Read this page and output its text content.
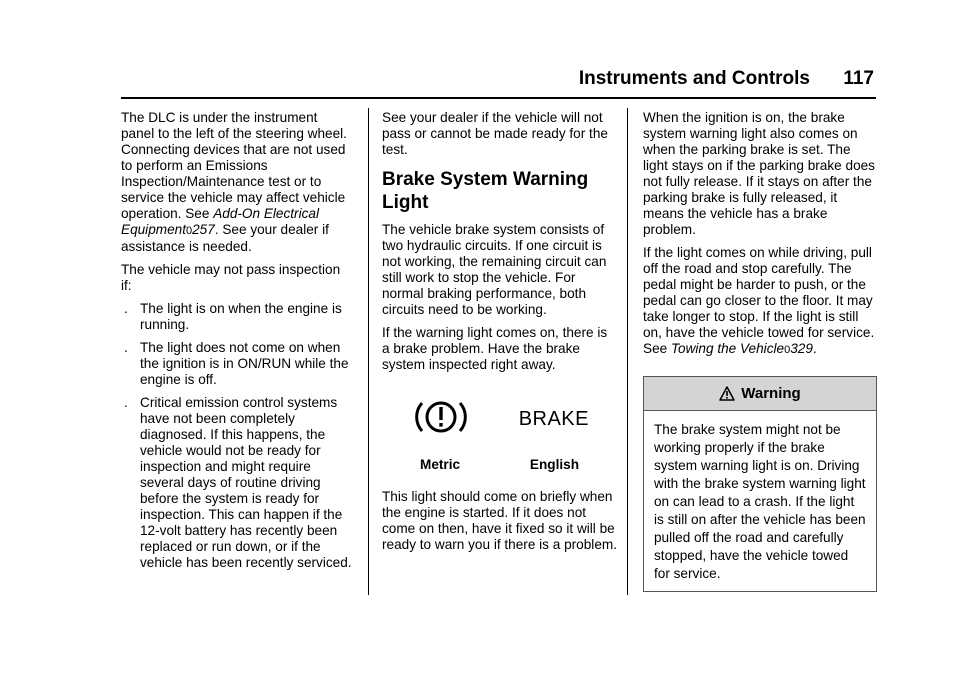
Instruments and Controls 117

The DLC is under the instrument panel to the left of the steering wheel. Connecting devices that are not used to perform an Emissions Inspection/Maintenance test or to service the vehicle may affect vehicle operation. See Add-On Electrical Equipment0257. See your dealer if assistance is needed.

The vehicle may not pass inspection if:

. The light is on when the engine is running.
. The light does not come on when the ignition is in ON/RUN while the engine is off.
. Critical emission control systems have not been completely diagnosed. If this happens, the vehicle would not be ready for inspection and might require several days of routine driving before the system is ready for inspection. This can happen if the 12-volt battery has recently been replaced or run down, or if the vehicle has been recently serviced.

See your dealer if the vehicle will not pass or cannot be made ready for the test.

Brake System Warning Light

The vehicle brake system consists of two hydraulic circuits. If one circuit is not working, the remaining circuit can still work to stop the vehicle. For normal braking performance, both circuits need to be working.

If the warning light comes on, there is a brake problem. Have the brake system inspected right away.

BRAKE
Metric	English

This light should come on briefly when the engine is started. If it does not come on then, have it fixed so it will be ready to warn you if there is a problem.

When the ignition is on, the brake system warning light also comes on when the parking brake is set. The light stays on if the parking brake does not fully release. If it stays on after the parking brake is fully released, it means the vehicle has a brake problem.

If the light comes on while driving, pull off the road and stop carefully. The pedal might be harder to push, or the pedal can go closer to the floor. It may take longer to stop. If the light is still on, have the vehicle towed for service. See Towing the Vehicle0329.

Warning
The brake system might not be working properly if the brake system warning light is on. Driving with the brake system warning light on can lead to a crash. If the light is still on after the vehicle has been pulled off the road and carefully stopped, have the vehicle towed for service.
